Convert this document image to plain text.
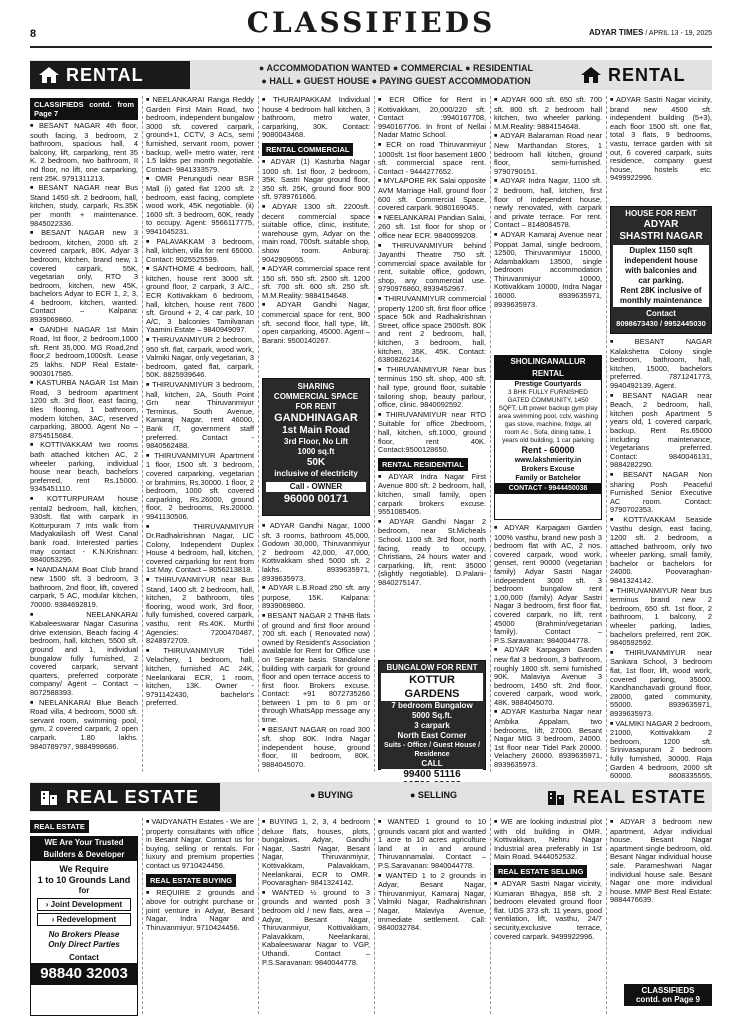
8	CLASSIFIEDS	ADYAR TIMES / APRIL 13 - 19, 2025
RENTAL	● ACCOMMODATION WANTED ● COMMERCIAL ● RESIDENTIAL
● HALL ● GUEST HOUSE ● PAYING GUEST ACCOMMODATION	RENTAL
CLASSIFIEDS contd. from Page 7

■ BESANT NAGAR 4th floor, south facing, 3 bedroom, 2 bathroom, spacious hall, 4 balcony, lift, carparking, rent 35 K. 2 bedroom, two bathroom, II nd floor, no lift, one carparking, rent 25K. 9791311213.

■ BESANT NAGAR near Bus Stand 1450 sft. 2 bedroom, hall, kitchen, study, carpark, Rs.35K per month + maintenance. 9845022336.

■ BESANT NAGAR new 3 bedroom, kitchen, 2000 sft. 2 covered carpark, 80K. Adyar 3 bedroom, kitchen, brand new, 1 covered carpark, 55K, vegetarian only, RTO 3 bedroom, kitchen, new 45K, bachelors Adyar to ECR 1, 2, 3, 4 bedroom, kitchen, wanted. Contact – Kalpana: 8939069860.

■ GANDHI NAGAR 1st Main Road, Ist floor, 2 bedroom,1000 sft. Rent 35,000. MG Road,2nd floor,2 bedroom,1000sft. Lease 25 lakhs. NDP Real Estate- 9003017585.

■ KASTURBA NAGAR 1st Main Road, 3 bedroom apartment 1200 sft. 3rd floor, east facing, tiles flooring, 1 bathroom, modern kitchen, 3AC, reserved carparking, 38000. Agent No – 8754515684.

■ KOTTIVAKKAM two rooms bath attached kitchen AC, 2 wheeler parking, individual house near beach, bachelors preferred, rent Rs.15000. 9345451110.

■ KOTTURPURAM house rental2 bedroom, hall, kitchen, 930sft. flat with carpark in Kotturpuram 7 mts walk from Madyakailash off West Canal bank road. Interested parties may contact - K.N.Krishnan: 9840053295.

■ NANDANAM Boat Club brand new 1500 sft. 3 bedroom, 3 bathroom, 2nd floor, lift, covered carpark, 5 AC, modular kitchen, 70000. 9384692819.

■ NEELANKARAI Kabaleeswarar Nagar Casurina drive extension, Beach facing 4 bedroom, hall, kitchen, 5500 sft. ground and 1, individual bungalow fully furnished, 2 covered carpark, servant quarters, preferred corporate company/ Agent – Contact – 8072588393.

■ NEELANKARAI Blue Beach Road villa, 4 bedroom, 5000 sft. servant room, swimming pool, gym, 2 covered carpark, 2 open carpark. 1.80 lakhs. 9840789797, 9884998686.

■ NEELANKARAI Ranga Reddy Garden First Main Road, two bedroom, independent bungalow 3000 sft. covered carpark, ground+1, CCTV, 3 ACs, semi furnished, servant room, power backup, well+ metro water, rent 1.5 lakhs per month negotiable. Contact- 9841333579.

■ OMR Perungudi near BSR Mall (i) gated flat 1200 sft. 2 bedroom, east facing, complete wood work, 45K negotiable. (ii) 1600 sft. 3 bedroom, 60K, ready to occupy. Agent: 9566117775, 9941045231.

■ PALAVAKKAM 3 bedroom, hall, kitchen, villa for rent 65000. Contact: 9025525599.

■ SANTHOME 4 bedroom, hall, kitchen, house rent 3000 sft. ground floor, 2 carpark, 3 A/C., ECR Kottivakkam 6 bedroom, hall, kitchen, house rent 7600 sft. Ground + 2, 4 car park, 10 A/C, 3 balconies Tamilvanan Yaamini Estate – 9840949097.

■ THIRUVANMIYUR 2 bedroom, 950 sft. flat, carpark, wood work, Valmiki Nagar, only vegetarian, 3 bedroom, gated flat, carpark, 50K. 8825939646.

■ THIRUVANMIYUR 3 bedroom, hall, kitchen, 2A, South Point Grn near Thiruvanmiyur Terminus, South Avenue, Kamaraj Nagar, rent 46000, Bank IT, government staff preferred. Contact - 9840562488.

■ THIRUVANMIYUR Apartment 1 floor, 1500 sft. 3 bedroom, covered carparking, vegetarian or brahmins, Rs.30000. 1 floor, 2 bedroom, 1000 sft. covered carparking, Rs.26000, ground floor, 2 bedrooms, Rs.20000. 9941130506.

■ THIRUVANMIYUR Dr.Radhakrishnan Nagar, LIC Colony, Independent Duplex House 4 bedroom, hall, kitchen, covered carparking for rent from 1st May. Contact – 8056213818.

■ THIRUVANMIYUR near Bus Stand, 1400 sft. 2 bedroom, hall, kitchen, 2 bathroom, tiles flooring, wood work, 3rd floor, fully furnished, covered carpark, vasthu, rent Rs.40K. Murthi Agencies: 7200470487, 8248972709.

■ THIRUVANMIYUR Tidel Velachery, 1 bedroom, hall, kitchen, furnished AC 24K, Neelankarai ECR, 1 room, kitchen, 13K. Owner - 9791142430, bachelor's preferred.

■ THURAIPAKKAM Individual house 4 bedroom hall kitchen, 3 bathroom, metro water, carparking, 30K. Contact: 9080043468.

RENTAL COMMERCIAL

■ ADYAR (1) Kasturba Nagar 1000 sft. 1st floor, 2 bedroom, 35K. Sastri Nagar ground floor, 350 sft. 25K, ground floor 900 sft. 9789761666.

■ ADYAR 1300 sft. 2200sft. decent commercial space suitable office, clinic, institute, warehouse gym, Adyar on the main road, 700sft. suitable shop, show room. Anburaj: 9042909055.

■ ADYAR commercial space rent 150 sft. 550 sft. 2500 sft. 1200 sft. 700 sft. 600 sft. 250 sft. M.M.Reality: 9884154648.

■ ADYAR Gandhi Nagar, commercial space for rent, 900 sft. second floor, hall type, lift, open carparking, 45000. Agent – Barani: 9500140267.

SHARING
COMMERCIAL SPACE
FOR RENT
GANDHINAGAR
1st Main Road
3rd Floor, No Lift
1000 sq.ft
50K
inclusive of electricity
Call - OWNER
96000 00171

■ ADYAR Gandhi Nagar, 1000 sft. 3 rooms, bathroom 45,000, Godown 30,000, Thiruvanmiyur 2 bedroom 42,000, 47,000, Kottivakkam shed 5000 sft. 2 lakhs. 8939635971, 8939635973.

■ ADYAR L.B.Road 250 sft. any purpose, 15K. Kalpana: 8939069860.

■ BESANT NAGAR 2 TNHB flats of ground and first floor around 700 sft. each ( Renovated now) owned by Resident's Association available for Rent for Office use on Separate basis. Standalone building with carpark for ground floor and open terrace access to first floor. Brokers excuse. Contact: +91 8072735266 between 1 pm to 6 pm or through WhatsApp message any time.

■ BESANT NAGAR on road 300 sft. shop 80K. Indra Nagar independent house, ground floor, III bedroom, 80K. 9884045070.

■ ECR Office for Rent in Kottivakkam, 20,000/220 sft. Contact :9940167708, 9940167706. In front of Nellai Nadar Matric School.

■ ECR on road Thiruvanmiyur 1000sft. 1st floor basement 1800 sft. commercial space rent. Contact - 9444277652.

■ MYLAPORE RK Salai opposite AVM Marriage Hall, ground floor 600 sft. Commercial Space, covered carpark. 9080169045.

■ NEELANKARAI Pandian Salai, 260 sft. 1st floor for shop or office near ECR. 9840099208.

■ THIRUVANMIYUR behind Jayanthi Theatre 750 sft. commercial space available for rent, suitable office, godown, shop, any commercial use. 9790976860, 8939452967.

■ THIRUVANMIYUR commercial property 1200 sft. first floor office space 50k and Radhakrishnan Street, office space 2500sft. 80K and rent 2 bedroom, hall, kitchen, 3 bedroom, hall, kitchen, 35K, 45K. Contact: 6380826214.

■ THIRUVANMIYUR Near bus terminus 150 sft. shop, 400 sft. hall type, ground floor, suitable tailoring shop, beauty parlour, office, clinic. 9840092592.

■ THIRUVANMIYUR near RTO Suitable for office 2bedroom, hall, kitchen, sft.1000, ground floor, rent 40K. Contact:9500128650.

RENTAL RESIDENTIAL

■ ADYAR Indra Nagar First Avenue 800 sft. 2 bedroom, hall, kitchen, small family, open carpark brokers excuse. 9551085405.

■ ADYAR Gandhi Nagar 2 bedroom, near St.Micheals School. 1100 sft. 3rd floor, north facing, ready to occupy, Christians, 24 hours water and carparking, lift, rent: 35000 (slightly negotiable). D.Palani- 9840275147.

BUNGALOW FOR RENT
KOTTUR GARDENS
7 bedroom Bungalow
5000 Sq.ft.
3 carpark
North East Corner
Suits - Office / Guest House / Residence
CALL
99400 51116

■ ADYAR 600 sft. 650 sft. 700 sft. 800 sft. 2 bedroom hall kitchen, two wheeler parking. M.M.Reality: 9884154648.

■ ADYAR Balaraman Road near New Marthandan Stores, 1 bedroom hall kitchen, ground floor, semi-furnished. 9790790151.

■ ADYAR Indra Nagar, 1100 sft. 2 bedroom, hall, kitchen, first floor of independent house, newly renovated, with carpark and private terrace. For rent. Contact – 8148084578.

■ ADYAR Kamaraj Avenue near Poppat Jamal, single bedroom, 12500, Thiruvanmiyur 15000, Adambakkam 13500, single bedroom accommodation Thiruvanmiyur 10000, Kottivakkam 10000, Indra Nagar 16000. 8939635971, 8939635973.

SHOLINGANALLUR RENTAL
Prestige Courtyards
3 BHK FULLY FURNISHED GATED COMMUNITY, 1450 SQFT, Lift power backup gym play area swimming pool, cctv, washing gas stove, machine, fridge, all room Ac , Sofa, dining table, 1 years old building, 1 car parking
Rent - 60000
www.lakshmierity.in
Brokers Excuse
Family or Batchelor
CONTACT - 9944450038

■ ADYAR Karpagam Garden 100% vasthu, brand new posh 3 bedroom flat with AC, 2 nos. covered carpark, wood work, genset, rent 90000 (vegetarian family) Adyar Sastri Nagar independent 3000 sft. 3 bedroom bungalow rent 1,00,000 (family) Adyar Sastri Nagar 3 bedroom, first floor flat, covered carpark, no lift, rent 45000 (Brahmin/vegetarian family). Contact – P.S.Saravanan: 9840044778.

■ ADYAR Karpagam Garden new flat 3 bedroom, 3 bathroom, roughly 1800 sft. semi furnished 90K. Malaviya Avenue 3 bedroom, 1450 sft. 2nd floor, covered carpark, wood work, 48K. 9884045070.

■ ADYAR Kasturba Nagar near Ambika Appalam, two bedrooms, lift, 27000. Besant Nagar MIG 3 bedroom, 24000. 1st floor near Tidel Park 20000. Velachery 26000. 8939635971, 8939635973.

■ ADYAR Sastri Nagar vicinity, brand new 4500 sft. independent building (5+3), each floor 1500 sft. one flat, total 3 flats, 9 bedrooms, vastu, terrace garden with sit out, 6 covered carpark, suits residence, company guest house, hostels etc. 9499922996.

HOUSE FOR RENT
ADYAR
SHASTRI NAGAR
Duplex 1150 sqft
independent house
with balconies and
car parking.
Rent 28K inclusive of
monthly maintenance
Contact
8098673430 / 9952445030

■ BESANT NAGAR Kalakshetra Colony single bedroom, bathroom, hall, kitchen, 15000, bachelors preferred. 7871241773, 9940492139. Agent.

■ BESANT NAGAR near Beach, 2 bedroom, hall, kitchen posh Apartment 5 years old, 1 covered carpark, backup, Rent Rs.65000 including maintenance, Vegetarians preferred. Contact: 9840046131, 9884282290.

■ BESANT NAGAR Non sharing Posh Peaceful Furnished Senior Executive AC room. Contact: 9790702353.

■ KOTTIVAKKAM Seaside Vasthu design, east facing, 1200 sft. 2 bedroom, a attached bathroom, only two wheeler parking, small family, bachelor or bachelors for 24000. Poovaraghan- 9841324142.

■ THIRUVANMIYUR Near bus terminus brand new 2 bedroom, 650 sft. 1st floor, 2 bathroom, 1 balcony, 2 wheeler parking, ladies, bachelors preferred, rent 20K. 9840592592.

■ THIRUVANMIYUR near Sankara School, 3 bedroom flat, 1st floor, lift, wood work, covered parking, 35000. Kandhanchavadi ground floor, 28000, gated community, 55000. 8939635971, 8939635973.

■ VALMIKI NAGAR 2 bedroom, 21000, Kottivakkam 2 bedroom, 1200 sft. Srinivasapuram 2 bedroom fully furnished, 30000. Raja Garden 4 bedroom, 2000 sft 60000. 8608335555,

REAL ESTATE	● BUYING	● SELLING	REAL ESTATE
REAL ESTATE
WE Are Your Trusted
Builders & Developer
We Require
1 to 10 Grounds Land
for
› Joint Development
› Redevelopment
No Brokers Please
Only Direct Parties
Contact
98840 32003

■ VAIDYANATH Estates - We are property consultants with office in Besant Nagar. Contact us for buying, selling or rentals. For luxury and premium properties contact us 9710424456.

REAL ESTATE BUYING

■ REQUIRE 2 grounds and above for outright purchase or joint venture in Adyar, Besant Nagar, Indra Nagar and Thiruvanmiyur. 9710424456.

■ BUYING 1, 2, 3, 4 bedroom deluxe flats, houses, plots, bungalows. Adyar, Gandhi Nagar, Sastri Nagar, Besant Nagar, Thiruvanmiyur, Kottivakkam, Palavakkam, Neelankarai, ECR to OMR. Poovaraghan- 9841324142.

■ WANTED ½ ground to 3 grounds and wanted posh 3 bedroom old / new flats, area – Adyar, Besant Nagar, Thiruvanmiyur, Kottivakkam, Palavakkam, Neelankarai, Kabaleeswarar Nagar to VGP, Uthandi. Contact – P.S.Saravanan: 9840044778.

■ WANTED 1 ground to 10 grounds vacant plot and wanted 1 acre to 10 acres agriculture land at in and around Thiruvannamalai. Contact – P.S.Saravanan: 9840044778.

■ WANTED 1 to 2 grounds in Adyar, Besant Nagar, Thiruvanmiyur, Kamaraj Nagar, Valmiki Nagar, Radhakrishnan Nagar, Malaviya Avenue, immediate settlement. Call: 9840032784.

■ WE are looking industrial plot with old building in OMR, Kottivakkam, Nehru Nagar Industrial area preferably in 1st Main Road. 9444052532.

REAL ESTATE SELLING

■ ADYAR Sastri Nagar vicinity, Kumaran Bhagya, 858 sft. 2 bedroom elevated ground floor flat. UDS 373 sft. 11 years, good ventilation, lift, vasthu, 24/7 security,exclusive terrace, covered carpark. 9499922996.

■ ADYAR 3 bedroom new apartment, Adyar individual house. Besant Nagar apartment single bedroom, old. Besant Nagar individual house sale. Parameshwari Nagar individual house sale. Besant Nagar one more individual house. MMP Best Real Estate: 9884476639.

CLASSIFIEDS contd. on Page 9
